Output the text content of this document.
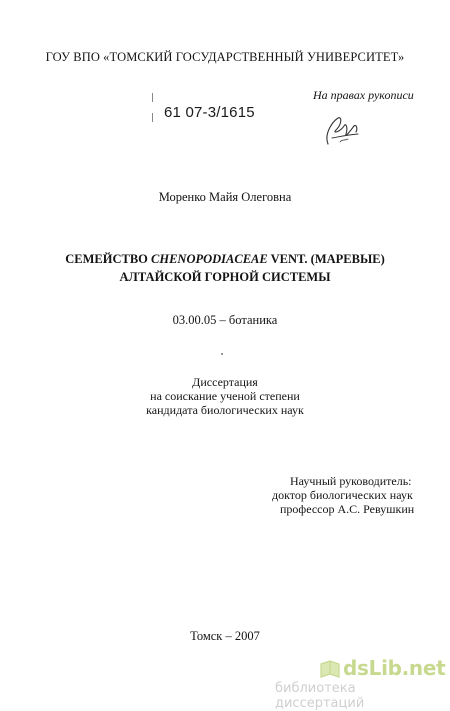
ГОУ ВПО «ТОМСКИЙ ГОСУДАРСТВЕННЫЙ УНИВЕРСИТЕТ»
61 07-3/1615
На правах рукописи
Моренко Майя Олеговна
СЕМЕЙСТВО CHENOPODIACEAE VENT. (МАРЕВЫЕ)
АЛТАЙСКОЙ ГОРНОЙ СИСТЕМЫ
03.00.05 – ботаника
Диссертация
на соискание ученой степени
кандидата биологических наук
Научный руководитель:
доктор биологических наук
профессор А.С. Ревушкин
Томск – 2007
dsLib.net
библиотека диссертаций
